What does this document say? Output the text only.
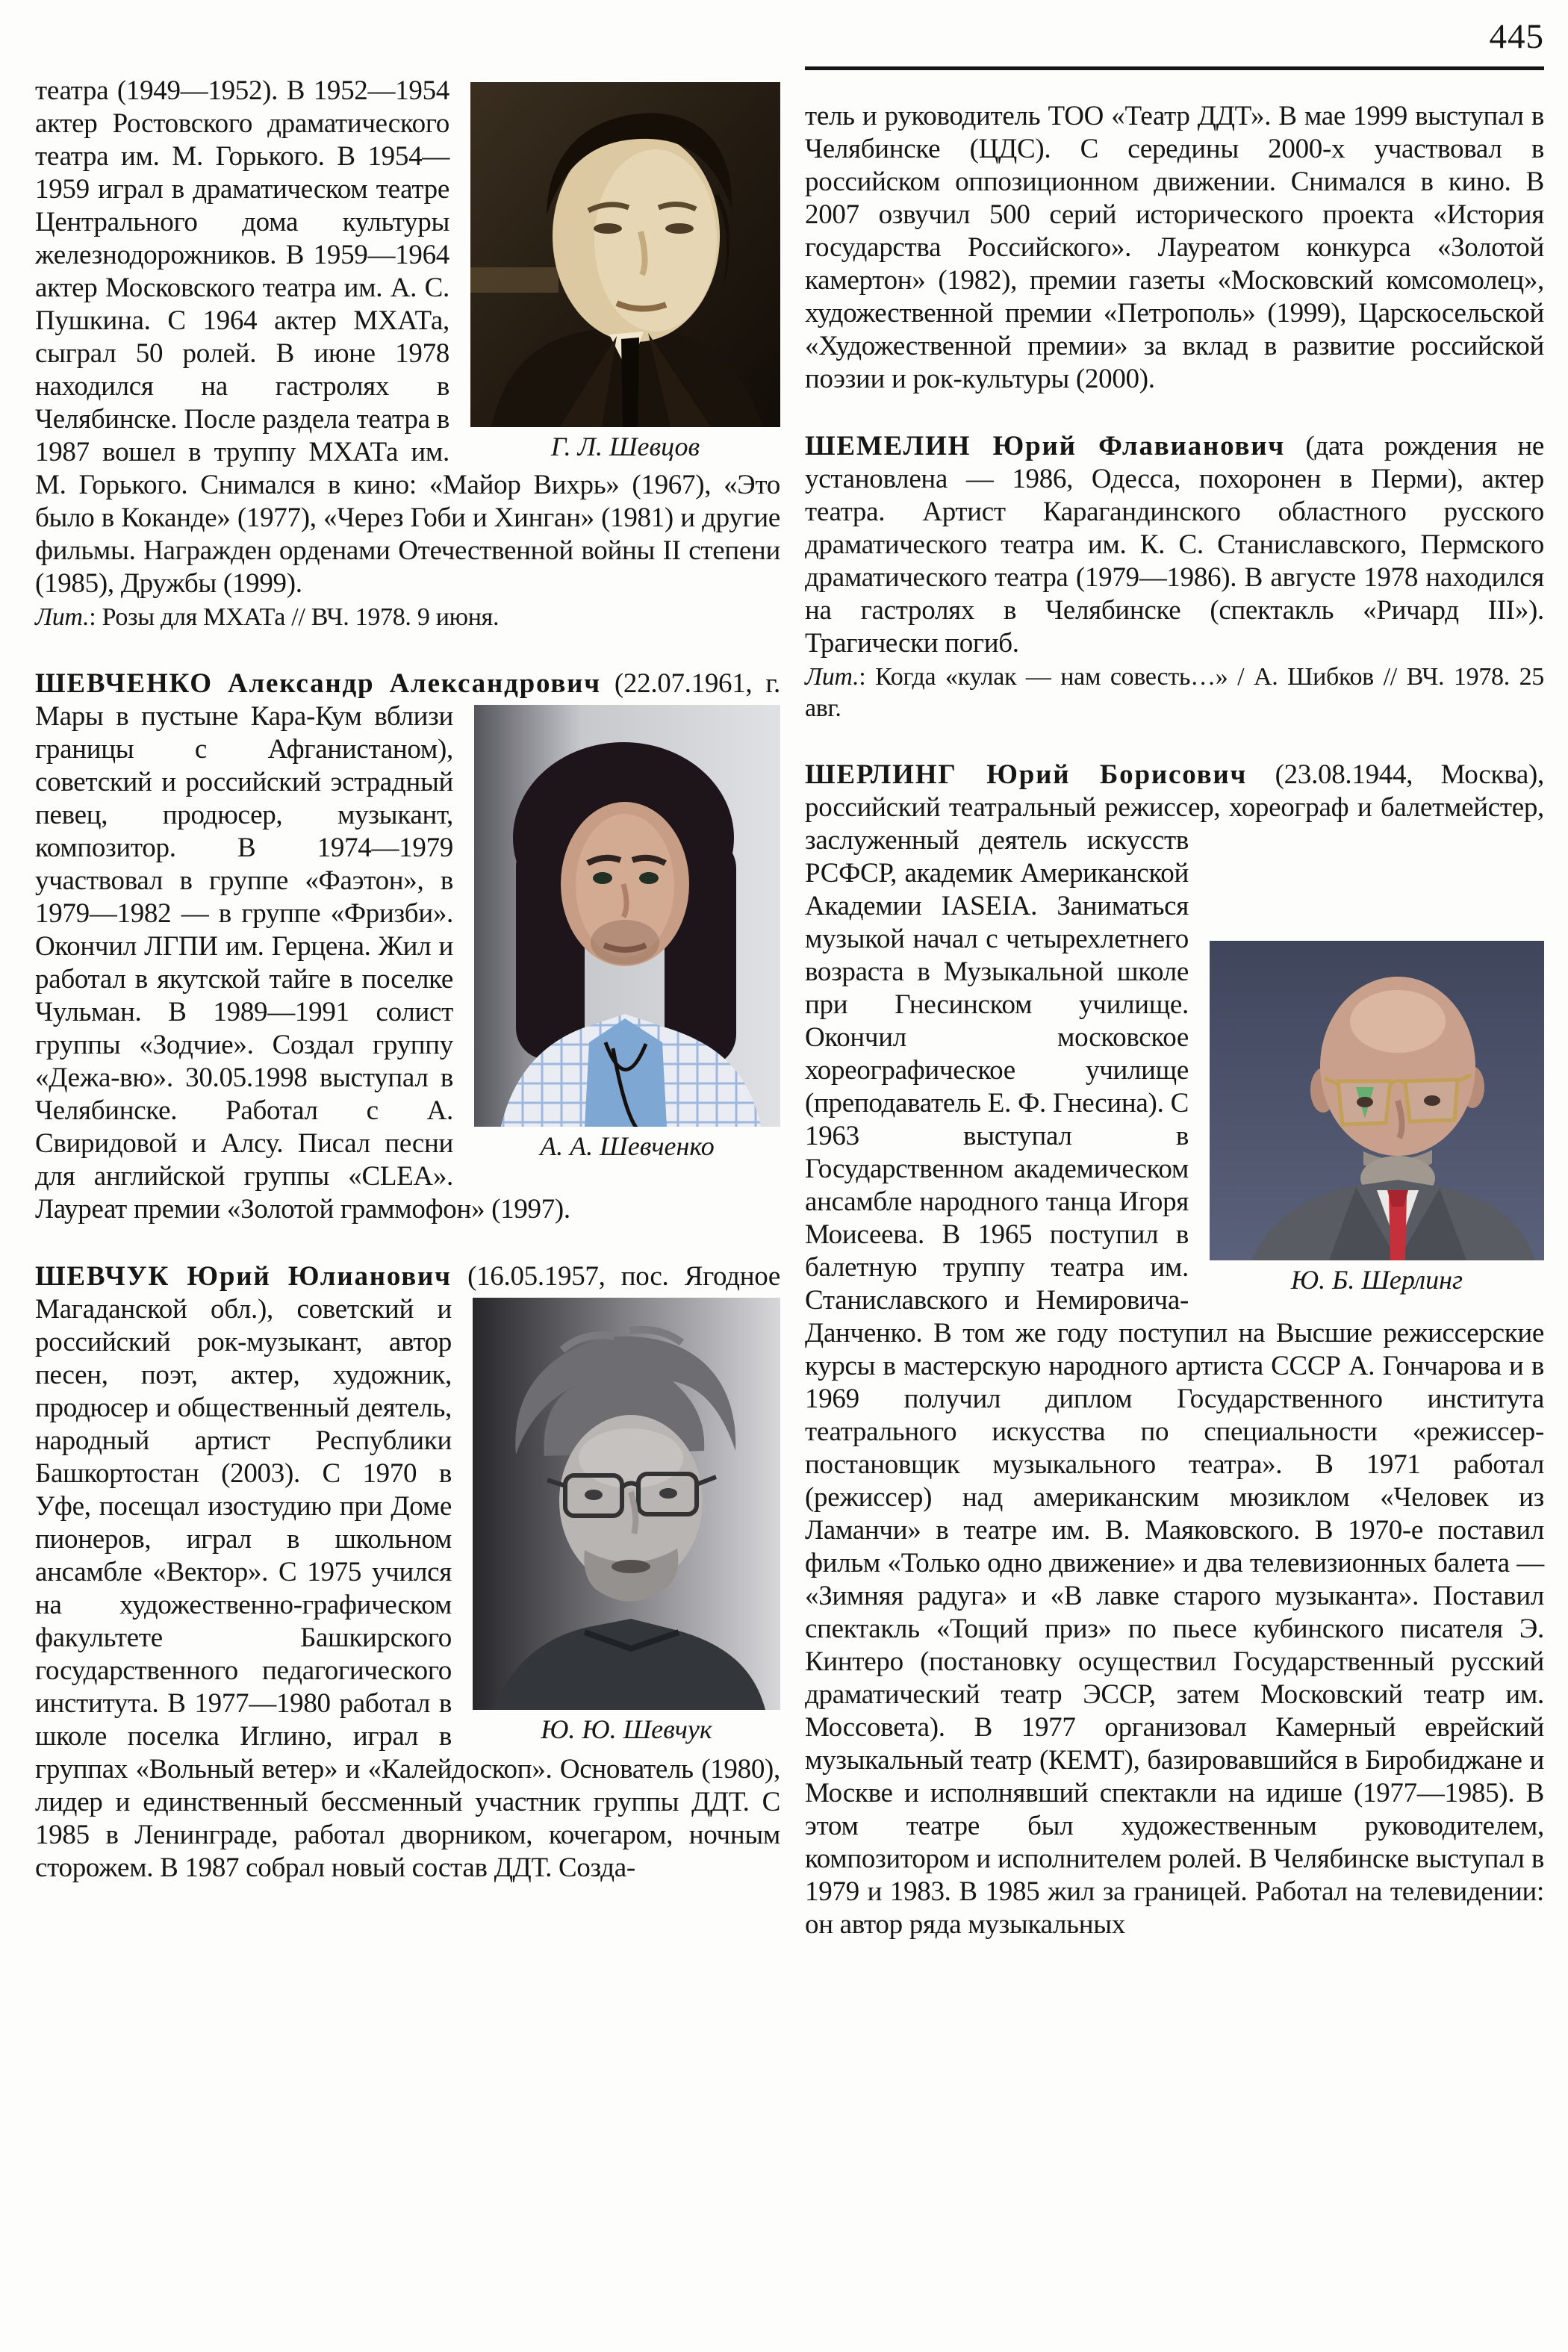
Г. Л. Шевцов
театра (1949—1952). В 1952—1954 актер Ростовского драматического театра им. М. Горького. В 1954—1959 играл в драматическом театре Центрального дома культуры железнодорожников. В 1959—1964 актер Московского театра им. А. С. Пушкина. С 1964 актер МХАТа, сыграл 50 ролей. В июне 1978 находился на гастролях в Челябинске. После раздела театра в 1987 вошел в труппу МХАТа им. М. Горького. Снимался в кино: «Майор Вихрь» (1967), «Это было в Коканде» (1977), «Через Гоби и Хинган» (1981) и другие фильмы. Награжден орденами Отечественной войны II степени (1985), Дружбы (1999).

Лит.: Розы для МХАТа // ВЧ. 1978. 9 июня.

ШЕВЧЕНКО Александр Александрович (22.07.1961, г. Мары в пустыне Кара-Кум вблизи
А. А. Шевченко
границы с Афганистаном), советский и российский эстрадный певец, продюсер, музыкант, композитор. В 1974—1979 участвовал в группе «Фаэтон», в 1979—1982 — в группе «Фризби». Окончил ЛГПИ им. Герцена. Жил и работал в якутской тайге в поселке Чульман. В 1989—1991 солист группы «Зодчие». Создал группу «Дежа-вю». 30.05.1998 выступал в Челябинске. Работал с А. Свиридовой и Алсу. Писал песни для английской группы «CLEA». Лауреат премии «Золотой граммофон» (1997).

ШЕВЧУК Юрий Юлианович (16.05.1957, пос. Ягодное Магаданской обл.), советский и
Ю. Ю. Шевчук
российский рок-музыкант, автор песен, поэт, актер, художник, продюсер и общественный деятель, народный артист Республики Башкортостан (2003). С 1970 в Уфе, посещал изостудию при Доме пионеров, играл в школьном ансамбле «Вектор». С 1975 учился на художественно-графическом факультете Башкирского государственного педагогического института. В 1977—1980 работал в школе поселка Иглино, играл в группах «Вольный ветер» и «Калейдоскоп». Основатель (1980), лидер и единственный бессменный участник группы ДДТ. С 1985 в Ленинграде, работал дворником, кочегаром, ночным сторожем. В 1987 собрал новый состав ДДТ. Созда-

445

тель и руководитель ТОО «Театр ДДТ». В мае 1999 выступал в Челябинске (ЦДС). С середины 2000-х участвовал в российском оппозиционном движении. Снимался в кино. В 2007 озвучил 500 серий исторического проекта «История государства Российского». Лауреатом конкурса «Золотой камертон» (1982), премии газеты «Московский комсомолец», художественной премии «Петрополь» (1999), Царскосельской «Художественной премии» за вклад в развитие российской поэзии и рок-культуры (2000).

ШЕМЕЛИН Юрий Флавианович (дата рождения не установлена — 1986, Одесса, похоронен в Перми), актер театра. Артист Карагандинского областного русского драматического театра им. К. С. Станиславского, Пермского драматического театра (1979—1986). В августе 1978 находился на гастролях в Челябинске (спектакль «Ричард III»). Трагически погиб.

Лит.: Когда «кулак — нам совесть…» / А. Шибков // ВЧ. 1978. 25 авг.

ШЕРЛИНГ Юрий Борисович (23.08.1944, Москва), российский театральный режиссер,
Ю. Б. Шерлинг
хореограф и балетмейстер, заслуженный деятель искусств РСФСР, академик Американской Академии IASEIA. Заниматься музыкой начал с четырехлетнего возраста в Музыкальной школе при Гнесинском училище. Окончил московское хореографическое училище (преподаватель Е. Ф. Гнесина). С 1963 выступал в Государственном академическом ансамбле народного танца Игоря Моисеева. В 1965 поступил в балетную труппу театра им. Станиславского и Немировича-Данченко. В том же году поступил на Высшие режиссерские курсы в мастерскую народного артиста СССР А. Гончарова и в 1969 получил диплом Государственного института театрального искусства по специальности «режиссер-постановщик музыкального театра». В 1971 работал (режиссер) над американским мюзиклом «Человек из Ламанчи» в театре им. В. Маяковского. В 1970-е поставил фильм «Только одно движение» и два телевизионных балета — «Зимняя радуга» и «В лавке старого музыканта». Поставил спектакль «Тощий приз» по пьесе кубинского писателя Э. Кинтеро (постановку осуществил Государственный русский драматический театр ЭССР, затем Московский театр им. Моссовета). В 1977 организовал Камерный еврейский музыкальный театр (КЕМТ), базировавшийся в Биробиджане и Москве и исполнявший спектакли на идише (1977—1985). В этом театре был художественным руководителем, композитором и исполнителем ролей. В Челябинске выступал в 1979 и 1983. В 1985 жил за границей. Работал на телевидении: он автор ряда музыкальных
